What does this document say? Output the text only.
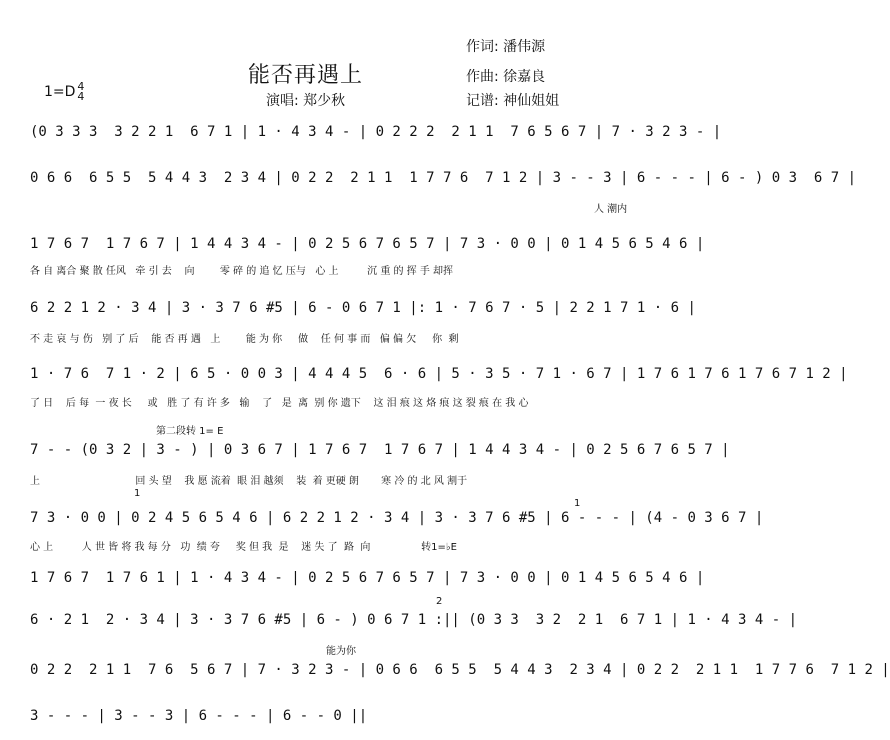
能否再遇上
作词: 潘伟源
作曲: 徐嘉良
演唱: 郑少秋	记谱: 神仙姐姐
1=D 4
4
(0 3 3 3  3 2 2 1  6 7 1 | 1 · 4 3 4 - | 0 2 2 2  2 1 1  7 6 5 6 7 | 7 · 3 2 3 - |
0 6 6  6 5 5  5 4 4 3  2 3 4 | 0 2 2  2 1 1  1 7 7 6  7 1 2 | 3 - - 3 | 6 - - - | 6 - ) 0 3  6 7 |
人 潮内
1 7 6 7  1 7 6 7 | 1 4 4 3 4 - | 0 2 5 6 7 6 5 7 | 7 3 · 0 0 | 0 1 4 5 6 5 4 6 |
各 自 离合 聚 散 任风   牵 引 去    向        零 碎 的 追 忆 压与   心 上         沉 重 的 挥 手 却挥
6 2 2 1 2 · 3 4 | 3 · 3 7 6 #5 | 6 - 0 6 7 1 |: 1 · 7 6 7 · 5 | 2 2 1 7 1 · 6 |
不 走 哀 与 伤   别 了 后    能 否 再 遇   上        能 为 你     做    任 何 事 而   偏 偏 欠     你  剩
1 · 7 6  7 1 · 2 | 6 5 · 0 0 3 | 4 4 4 5  6 · 6 | 5 · 3 5 · 7 1 · 6 7 | 1 7 6 1 7 6 1 7 6 7 1 2 |
了 日    后 每  一 夜 长     或   胜 了 有 许 多   输    了   是  离  别 你 遗下    这 泪 痕 这 烙 痕 这 裂 痕 在 我 心
第二段转 1= E
7 - - (0 3 2 | 3 - ) | 0 3 6 7 | 1 7 6 7  1 7 6 7 | 1 4 4 3 4 - | 0 2 5 6 7 6 5 7 |
上                              回 头 望    我 愿 流着  眼 泪 越须    装  着 更硬 朗       寒 冷 的 北 风 割于
1
1
7 3 · 0 0 | 0 2 4 5 6 5 4 6 | 6 2 2 1 2 · 3 4 | 3 · 3 7 6 #5 | 6 - - - | (4 - 0 3 6 7 |
心 上         人 世 皆 将 我 每 分   功  绩 夸     奖 但 我  是    迷 失 了  路  向                转1=♭E
1 7 6 7  1 7 6 1 | 1 · 4 3 4 - | 0 2 5 6 7 6 5 7 | 7 3 · 0 0 | 0 1 4 5 6 5 4 6 |
2
6 · 2 1  2 · 3 4 | 3 · 3 7 6 #5 | 6 - ) 0 6 7 1 :|| (0 3 3  3 2  2 1  6 7 1 | 1 · 4 3 4 - |
能为你
0 2 2  2 1 1  7 6  5 6 7 | 7 · 3 2 3 - | 0 6 6  6 5 5  5 4 4 3  2 3 4 | 0 2 2  2 1 1  1 7 7 6  7 1 2 |
3 - - - | 3 - - 3 | 6 - - - | 6 - - 0 ||
